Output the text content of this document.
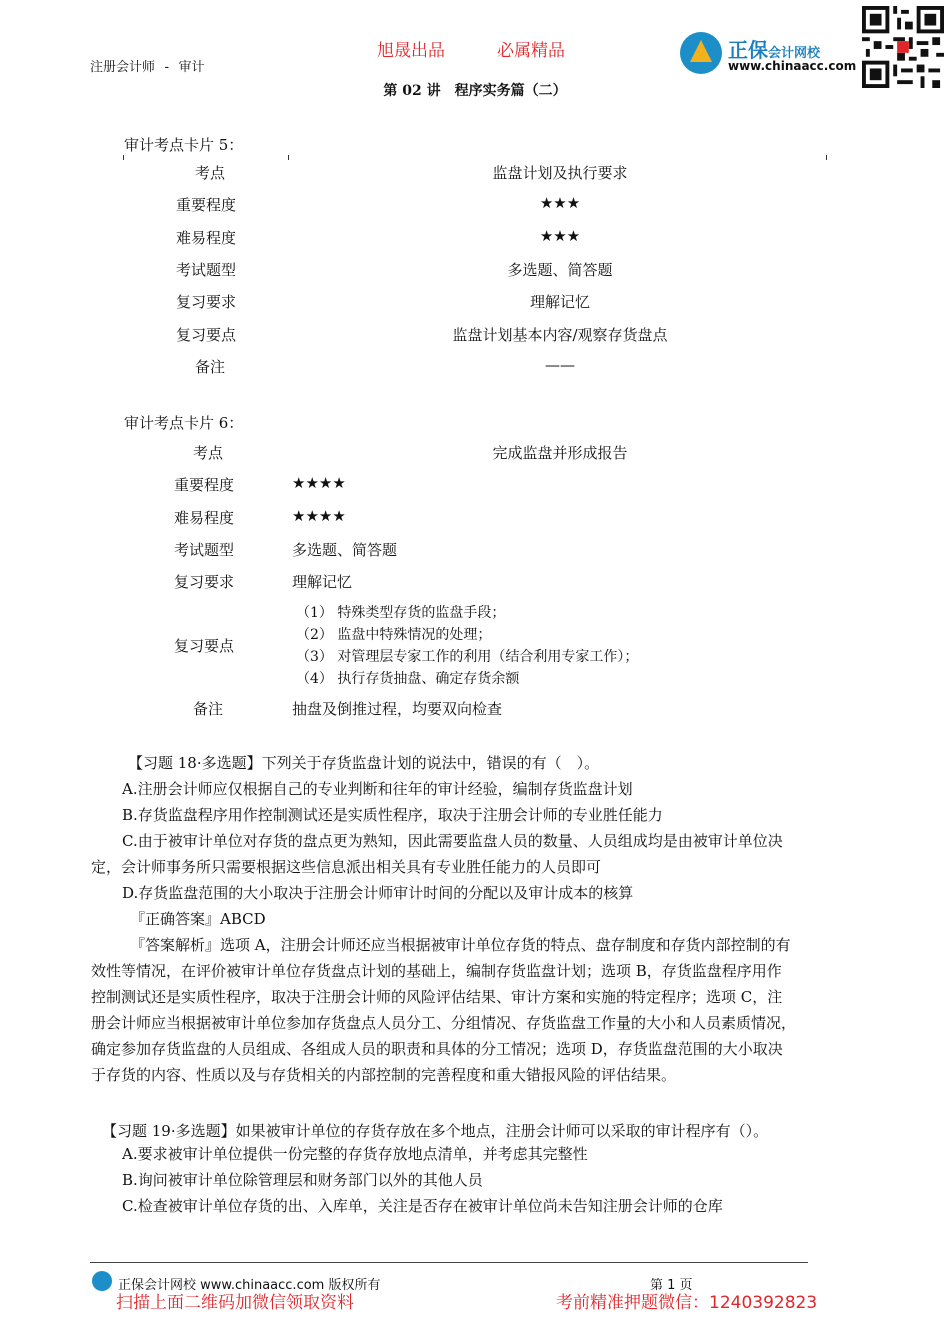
注册会计师 - 审计
旭晟出品	必属精品
第 02 讲　程序实务篇（二）
正保会计网校
www.chinaacc.com
审计考点卡片 5：
考点	监盘计划及执行要求
重要程度	★★★
难易程度	★★★
考试题型	多选题、简答题
复习要求	理解记忆
复习要点	监盘计划基本内容/观察存货盘点
备注	——
审计考点卡片 6：
考点	完成监盘并形成报告
重要程度	★★★★
难易程度	★★★★
考试题型	多选题、简答题
复习要求	理解记忆
复习要点
（1） 特殊类型存货的监盘手段；
（2） 监盘中特殊情况的处理；
（3） 对管理层专家工作的利用（结合利用专家工作）；
（4） 执行存货抽盘、确定存货余额
备注	抽盘及倒推过程，均要双向检查
【习题 18·多选题】下列关于存货监盘计划的说法中，错误的有（　）。
A.注册会计师应仅根据自己的专业判断和往年的审计经验，编制存货监盘计划
B.存货监盘程序用作控制测试还是实质性程序，取决于注册会计师的专业胜任能力
C.由于被审计单位对存货的盘点更为熟知，因此需要监盘人员的数量、人员组成均是由被审计单位决
定，会计师事务所只需要根据这些信息派出相关具有专业胜任能力的人员即可
D.存货监盘范围的大小取决于注册会计师审计时间的分配以及审计成本的核算
『正确答案』ABCD
『答案解析』选项 A，注册会计师还应当根据被审计单位存货的特点、盘存制度和存货内部控制的有
效性等情况，在评价被审计单位存货盘点计划的基础上，编制存货监盘计划；选项 B，存货监盘程序用作
控制测试还是实质性程序，取决于注册会计师的风险评估结果、审计方案和实施的特定程序；选项 C，注
册会计师应当根据被审计单位参加存货盘点人员分工、分组情况、存货监盘工作量的大小和人员素质情况，
确定参加存货监盘的人员组成、各组成人员的职责和具体的分工情况；选项 D，存货监盘范围的大小取决
于存货的内容、性质以及与存货相关的内部控制的完善程度和重大错报风险的评估结果。
【习题 19·多选题】如果被审计单位的存货存放在多个地点，注册会计师可以采取的审计程序有（）。
A.要求被审计单位提供一份完整的存货存放地点清单，并考虑其完整性
B.询问被审计单位除管理层和财务部门以外的其他人员
C.检查被审计单位存货的出、入库单，关注是否存在被审计单位尚未告知注册会计师的仓库
正保会计网校 www.chinaacc.com 版权所有	第 1 页
扫描上面二维码加微信领取资料	考前精准押题微信：1240392823
